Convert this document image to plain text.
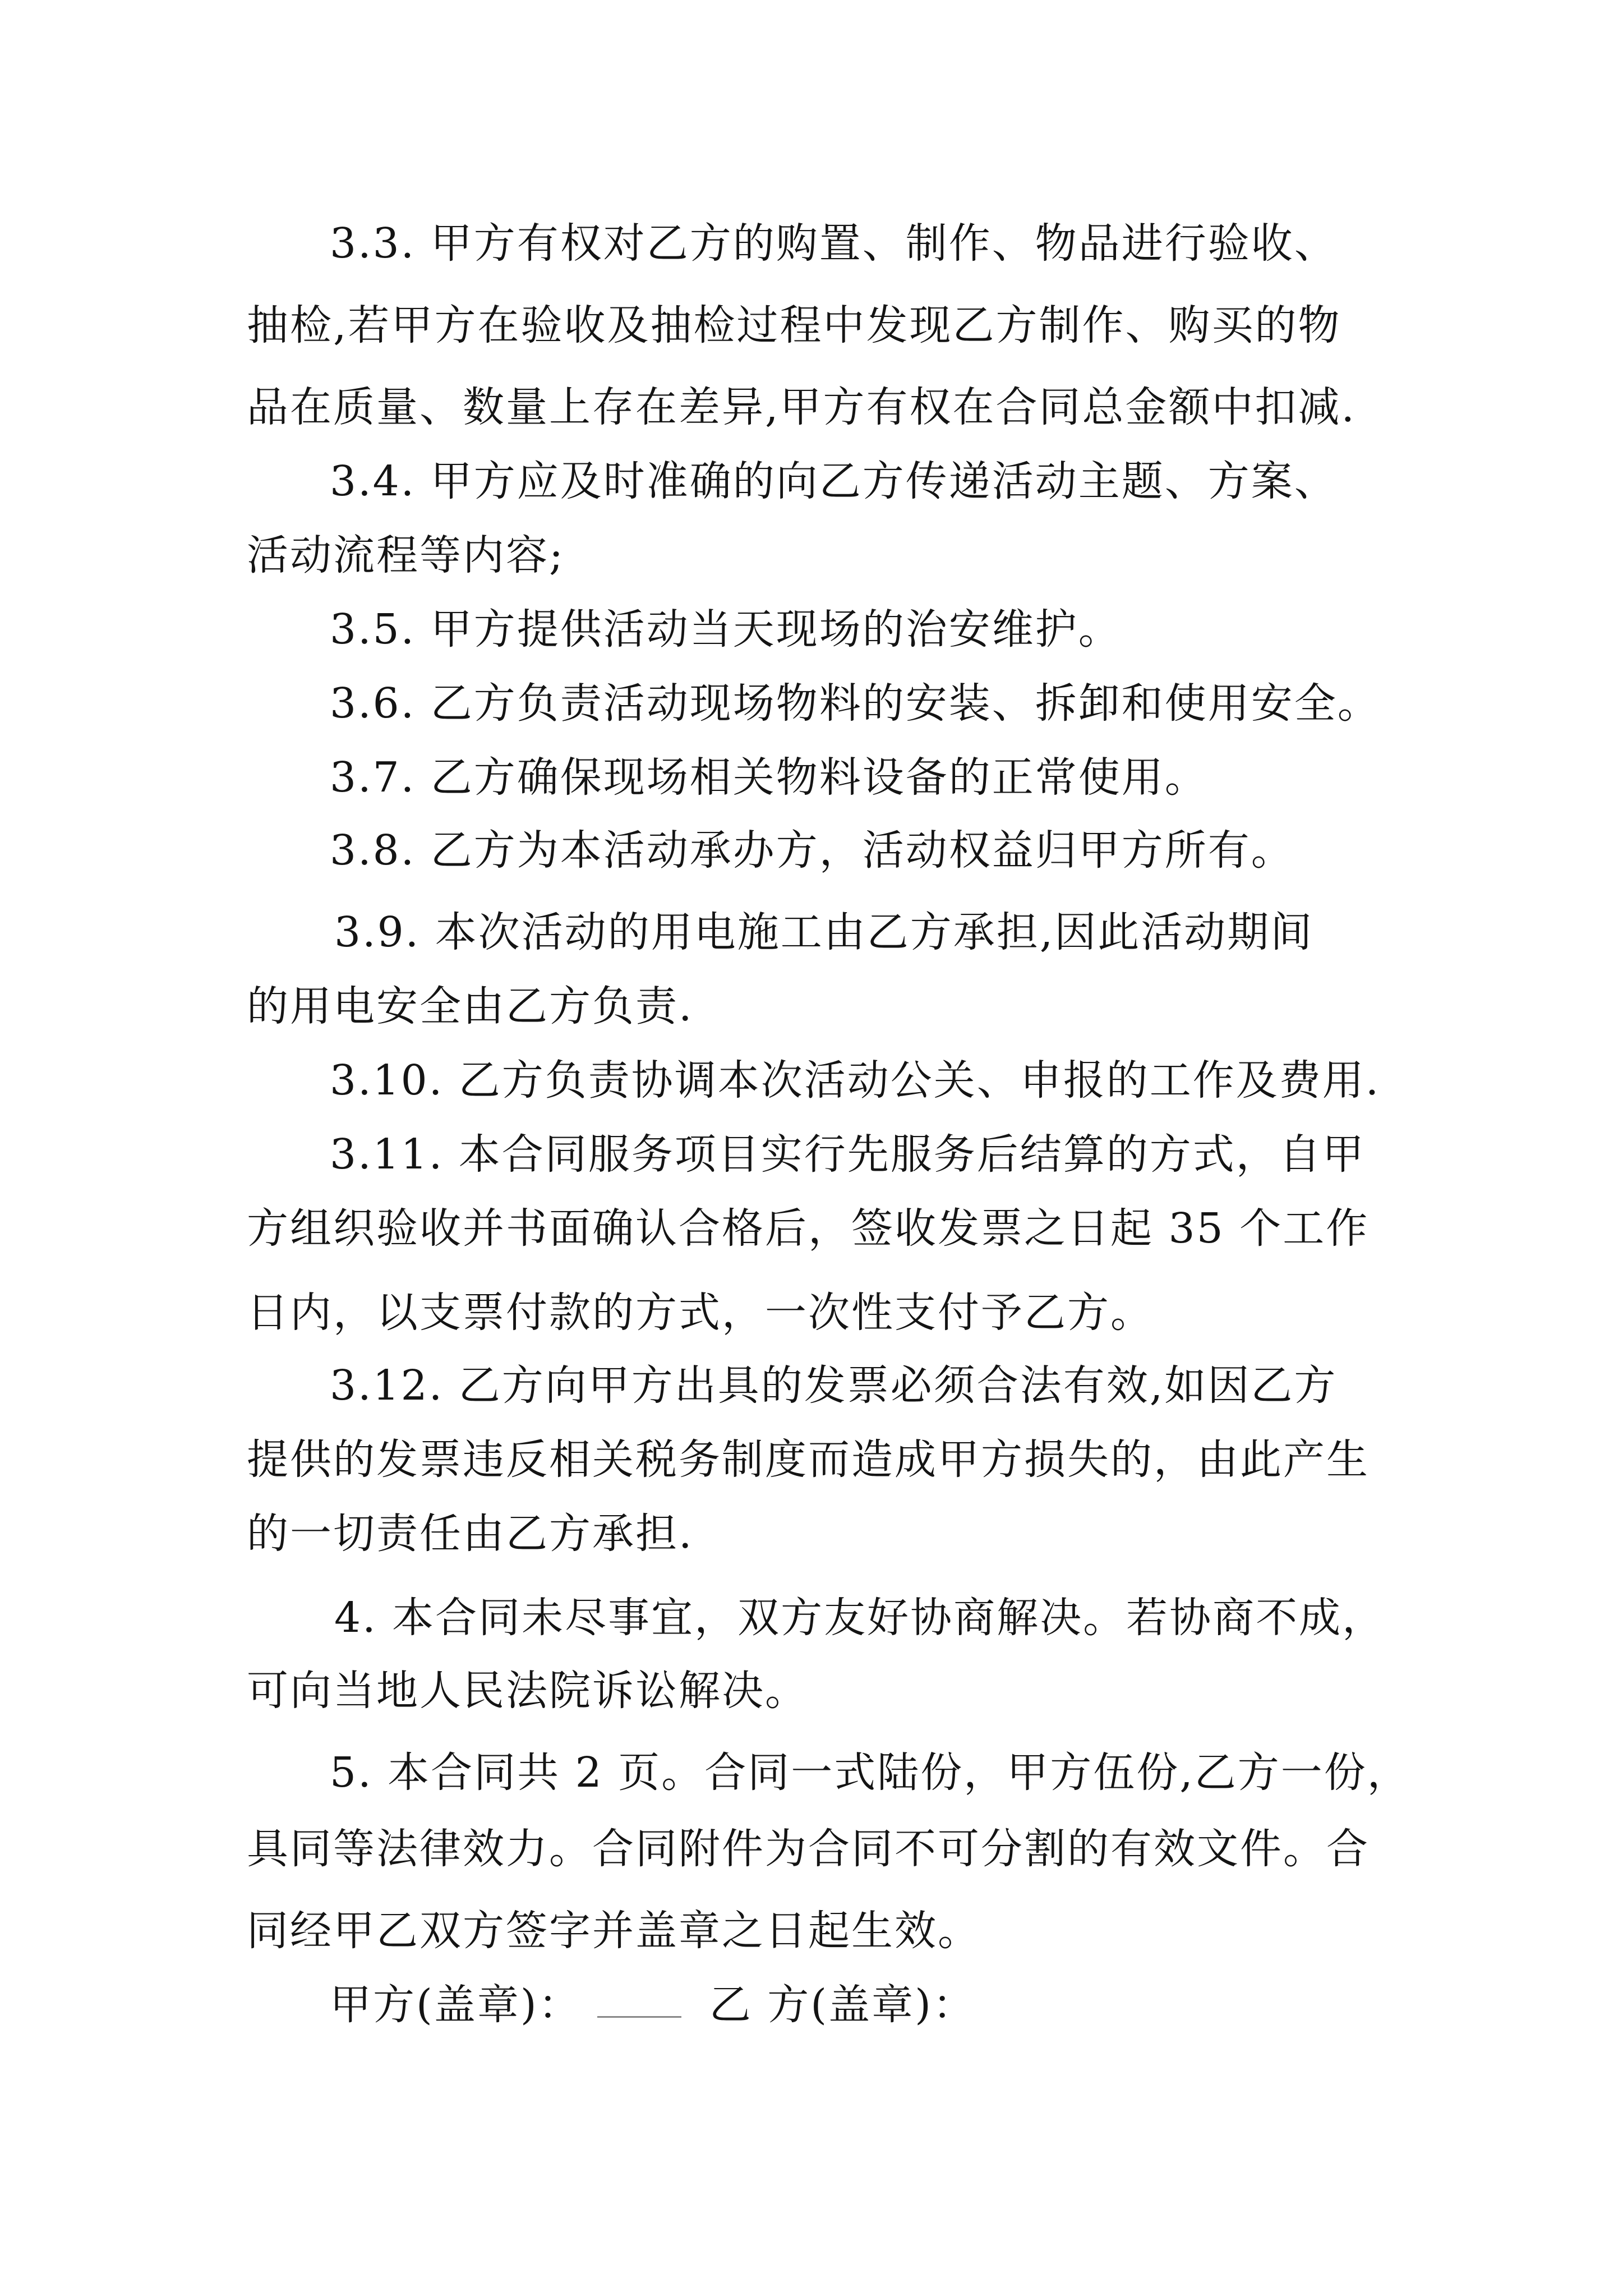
3.3. 甲方有权对乙方的购置、制作、物品进行验收、
抽检,若甲方在验收及抽检过程中发现乙方制作、购买的物
品在质量、数量上存在差异,甲方有权在合同总金额中扣减.
3.4. 甲方应及时准确的向乙方传递活动主题、方案、
活动流程等内容;
3.5. 甲方提供活动当天现场的治安维护。
3.6. 乙方负责活动现场物料的安装、拆卸和使用安全。
3.7. 乙方确保现场相关物料设备的正常使用。
3.8. 乙方为本活动承办方，活动权益归甲方所有。
3.9. 本次活动的用电施工由乙方承担,因此活动期间
的用电安全由乙方负责.
3.10. 乙方负责协调本次活动公关、申报的工作及费用.
3.11. 本合同服务项目实行先服务后结算的方式，自甲
方组织验收并书面确认合格后，签收发票之日起 35 个工作
日内，以支票付款的方式，一次性支付予乙方。
3.12. 乙方向甲方出具的发票必须合法有效,如因乙方
提供的发票违反相关税务制度而造成甲方损失的，由此产生
的一切责任由乙方承担.
4. 本合同未尽事宜，双方友好协商解决。若协商不成，
可向当地人民法院诉讼解决。
5. 本合同共 2 页。合同一式陆份，甲方伍份,乙方一份，
具同等法律效力。合同附件为合同不可分割的有效文件。合
同经甲乙双方签字并盖章之日起生效。
甲方(盖章)：	乙 方(盖章)：
